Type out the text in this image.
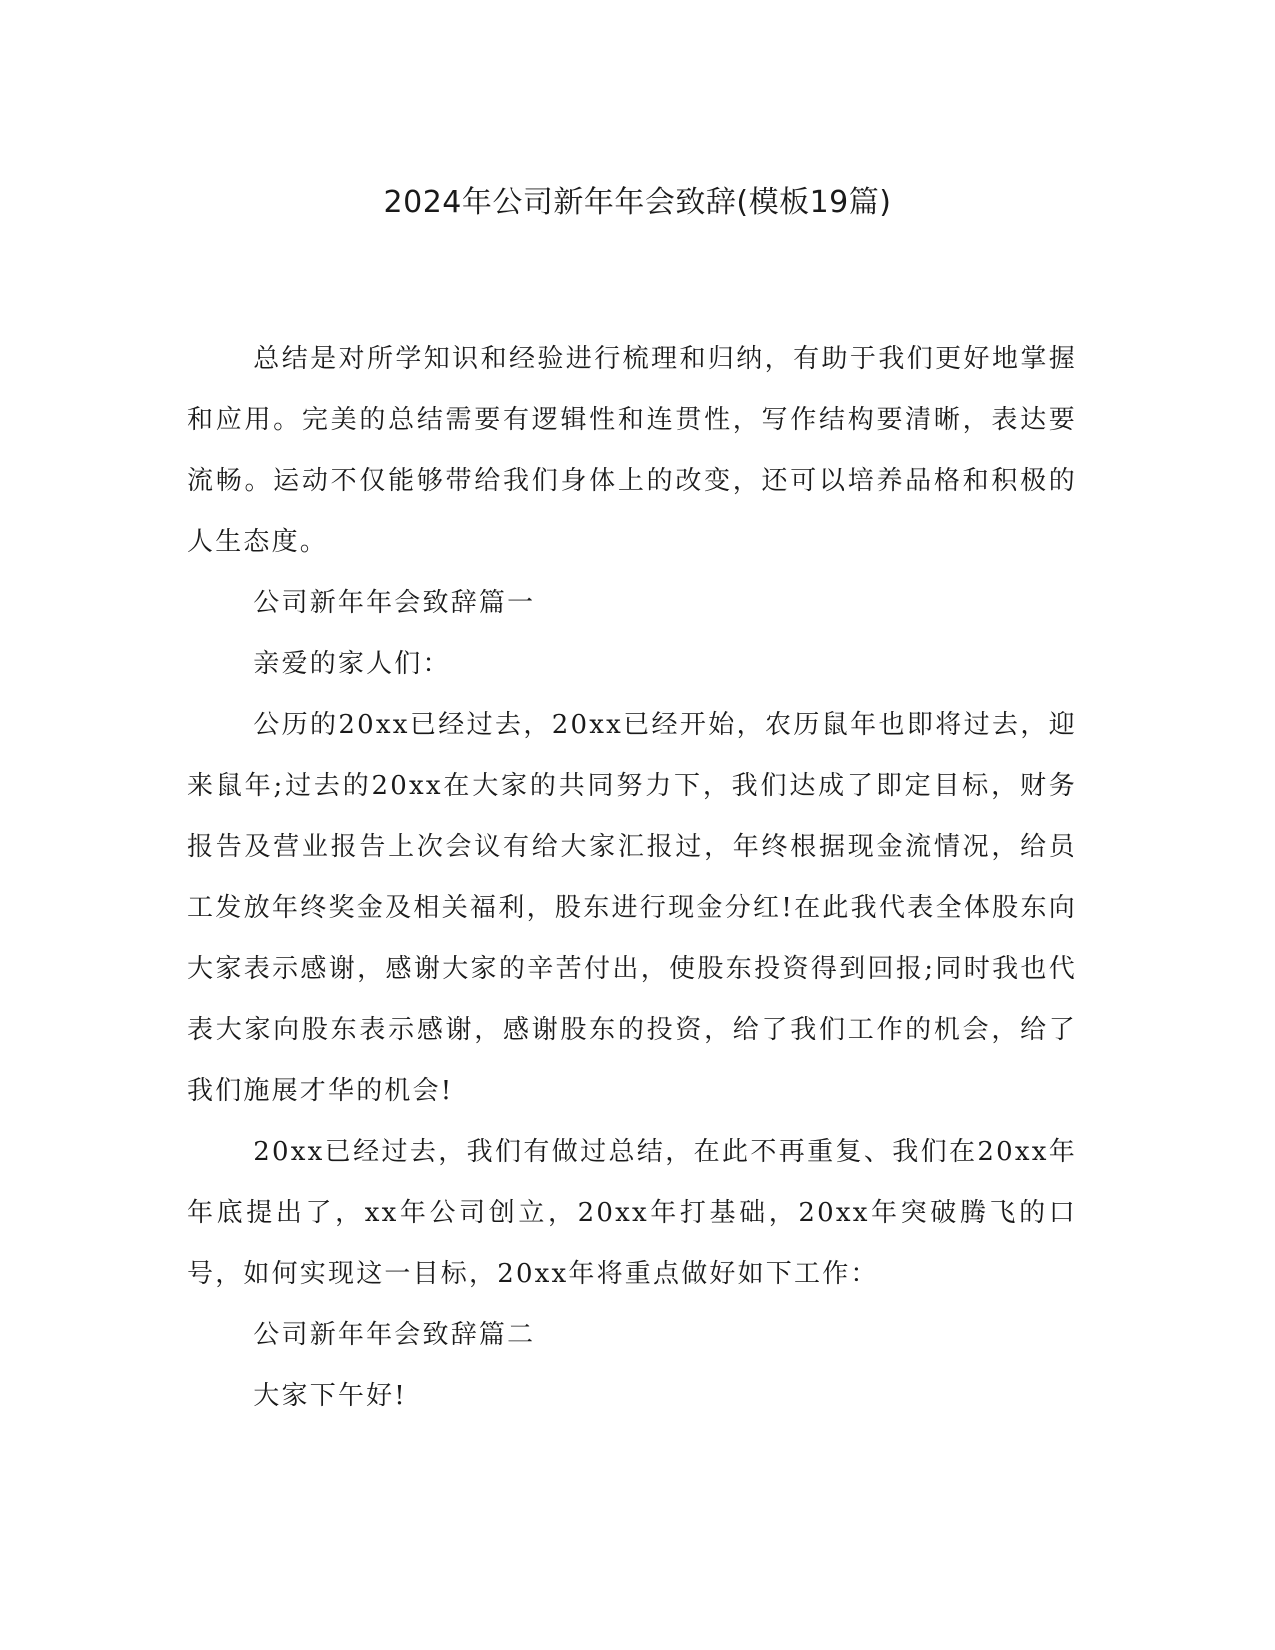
2024年公司新年年会致辞(模板19篇)

总结是对所学知识和经验进行梳理和归纳，有助于我们更好地掌握和应用。完美的总结需要有逻辑性和连贯性，写作结构要清晰，表达要流畅。运动不仅能够带给我们身体上的改变，还可以培养品格和积极的人生态度。

公司新年年会致辞篇一

亲爱的家人们：

公历的20xx已经过去，20xx已经开始，农历鼠年也即将过去，迎来鼠年;过去的20xx在大家的共同努力下，我们达成了即定目标，财务报告及营业报告上次会议有给大家汇报过，年终根据现金流情况，给员工发放年终奖金及相关福利，股东进行现金分红!在此我代表全体股东向大家表示感谢，感谢大家的辛苦付出，使股东投资得到回报;同时我也代表大家向股东表示感谢，感谢股东的投资，给了我们工作的机会，给了我们施展才华的机会!

20xx已经过去，我们有做过总结，在此不再重复、我们在20xx年年底提出了，xx年公司创立，20xx年打基础，20xx年突破腾飞的口号，如何实现这一目标，20xx年将重点做好如下工作：

公司新年年会致辞篇二

大家下午好!
